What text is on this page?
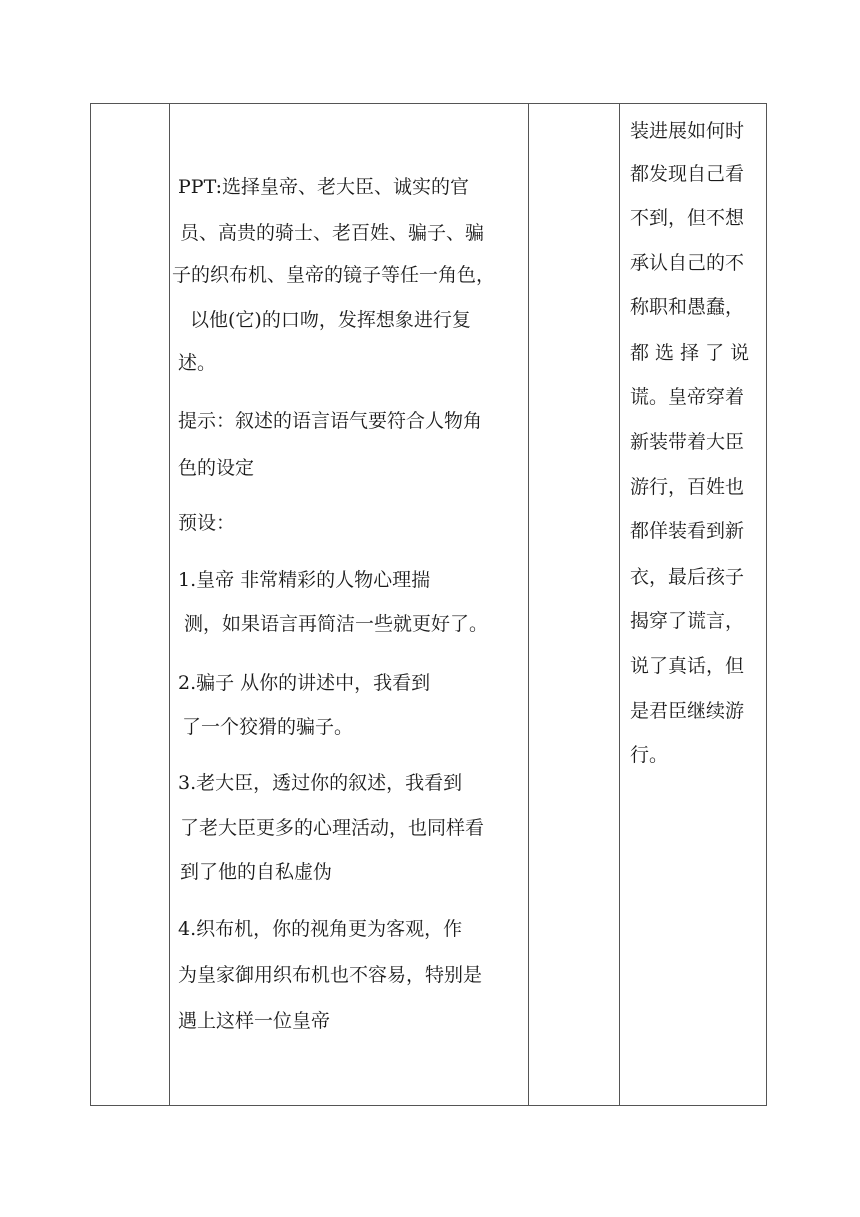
PPT:选择皇帝、老大臣、诚实的官
员、高贵的骑士、老百姓、骗子、骗
子的织布机、皇帝的镜子等任一角色，
以他(它)的口吻，发挥想象进行复
述。
提示：叙述的语言语气要符合人物角
色的设定
预设：
1.皇帝 非常精彩的人物心理揣
测，如果语言再简洁一些就更好了。
2.骗子 从你的讲述中，我看到
了一个狡猾的骗子。
3.老大臣，透过你的叙述，我看到
了老大臣更多的心理活动，也同样看
到了他的自私虚伪
4.织布机，你的视角更为客观，作
为皇家御用织布机也不容易，特别是
遇上这样一位皇帝
装进展如何时
都发现自己看
不到，但不想
承认自己的不
称职和愚蠢，
都 选 择 了 说
谎。皇帝穿着
新装带着大臣
游行，百姓也
都佯装看到新
衣，最后孩子
揭穿了谎言，
说了真话，但
是君臣继续游
行。
